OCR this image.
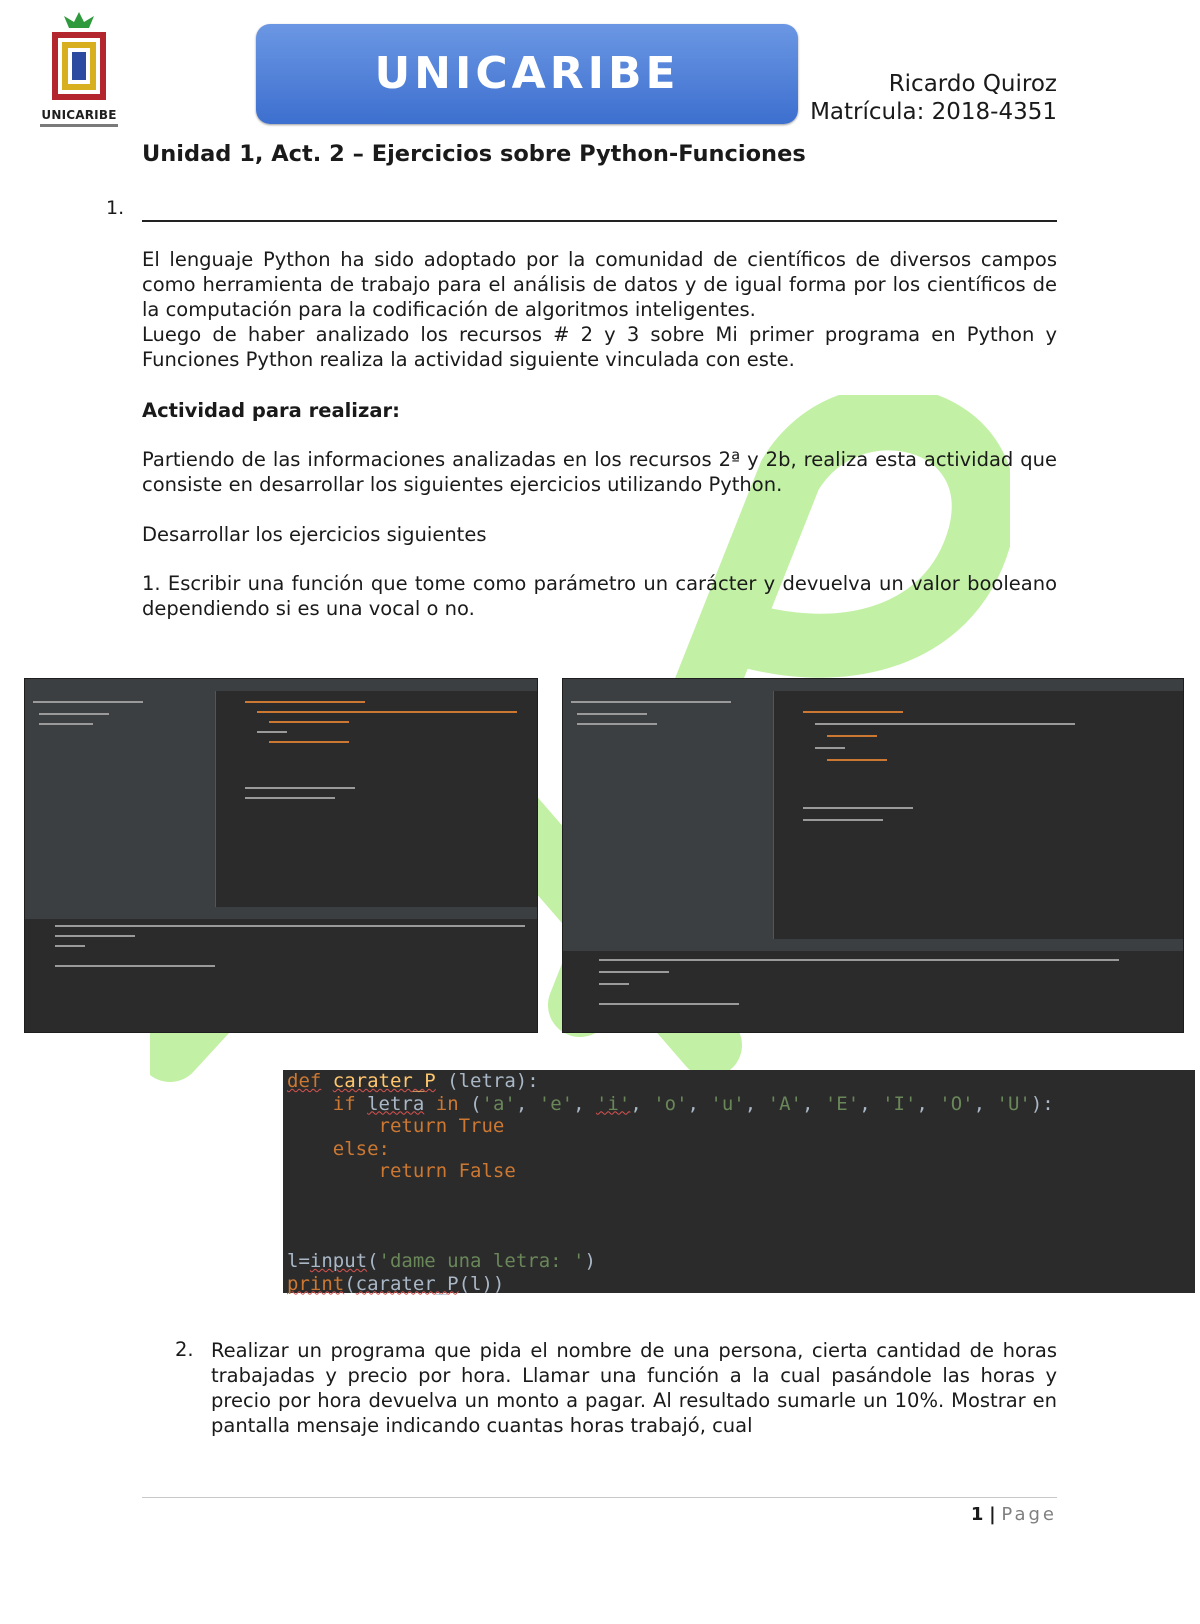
UNICARIBE
UNICARIBE	Ricardo Quiroz
Matrícula: 2018-4351
Unidad 1, Act. 2 – Ejercicios sobre Python-Funciones
1.
El lenguaje Python ha sido adoptado por la comunidad de científicos de diversos campos como herramienta de trabajo para el análisis de datos y de igual forma por los científicos de la computación para la codificación de algoritmos inteligentes.
Luego de haber analizado los recursos # 2 y 3 sobre Mi primer programa en Python y Funciones Python realiza la actividad siguiente vinculada con este.
Actividad para realizar:
Partiendo de las informaciones analizadas en los recursos 2ª y 2b, realiza esta actividad que consiste en desarrollar los siguientes ejercicios utilizando Python.
Desarrollar los ejercicios siguientes
1. Escribir una función que tome como parámetro un carácter y devuelva un valor booleano dependiendo si es una vocal o no.
def carater_P (letra):
if letra in ('a', 'e', 'i', 'o', 'u', 'A', 'E', 'I', 'O', 'U'):
return True
else:
return False

l=input('dame una letra: ')
print(carater_P(l))
2. Realizar un programa que pida el nombre de una persona, cierta cantidad de horas trabajadas y precio por hora. Llamar una función a la cual pasándole las horas y precio por hora devuelva un monto a pagar. Al resultado sumarle un 10%. Mostrar en pantalla mensaje indicando cuantas horas trabajó, cual
1 | Page
